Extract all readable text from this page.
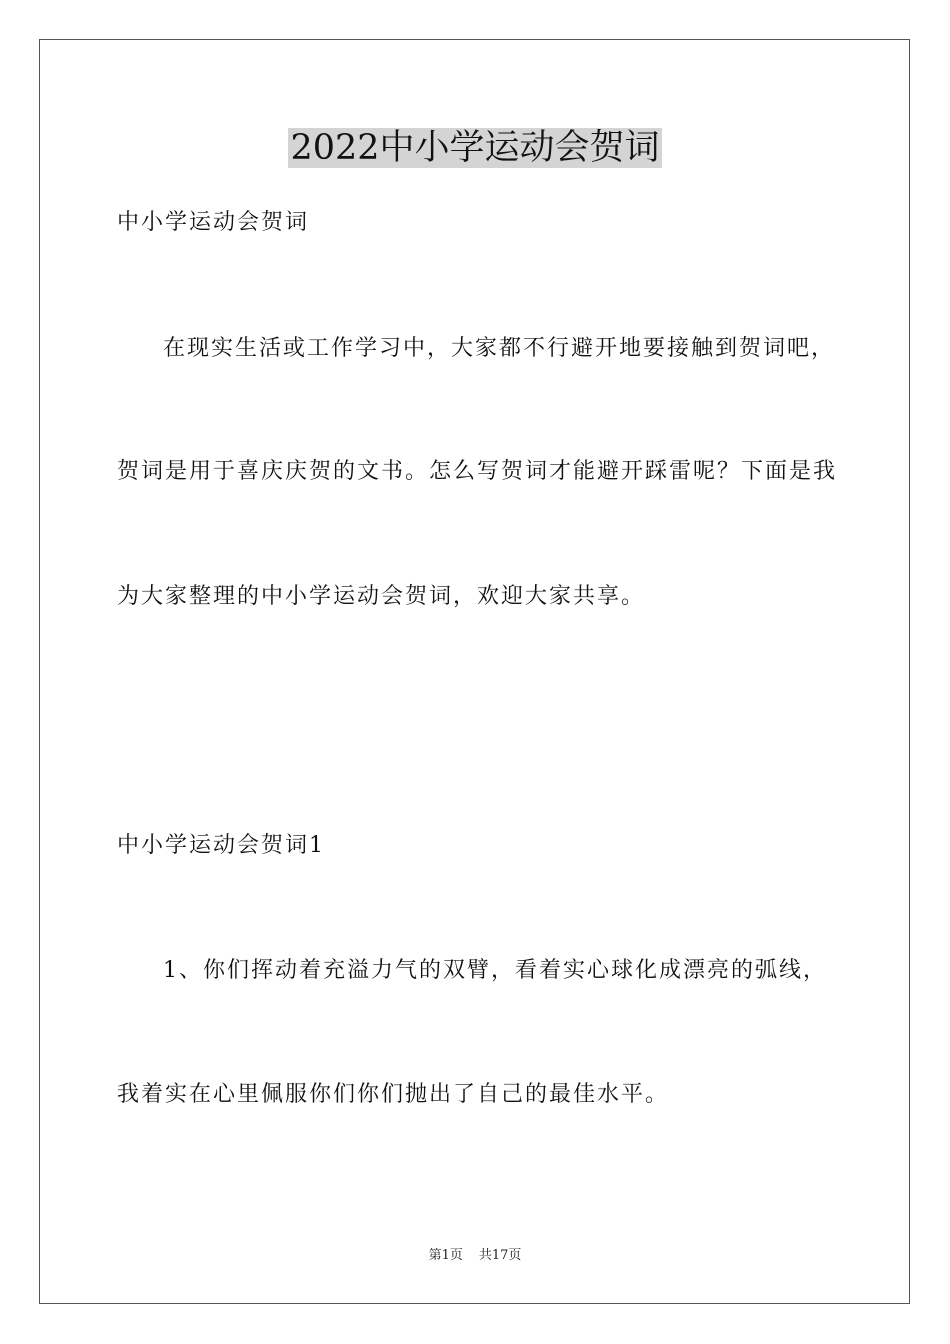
2022中小学运动会贺词

中小学运动会贺词

在现实生活或工作学习中，大家都不行避开地要接触到贺词吧，

贺词是用于喜庆庆贺的文书。怎么写贺词才能避开踩雷呢？下面是我

为大家整理的中小学运动会贺词，欢迎大家共享。

中小学运动会贺词1

1、你们挥动着充溢力气的双臂，看着实心球化成漂亮的弧线，

我着实在心里佩服你们你们抛出了自己的最佳水平。

第1页 共17页
